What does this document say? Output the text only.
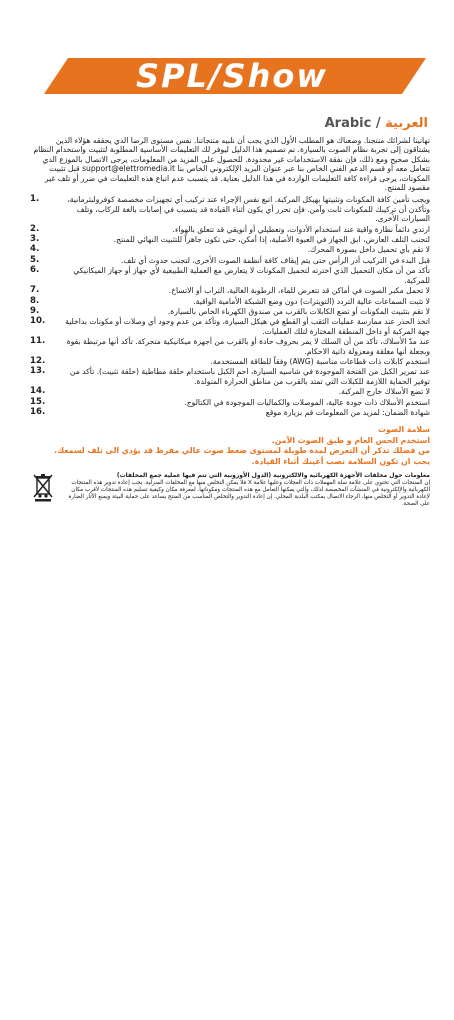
SPL/Show
Arabic / العربية

تهانينا لشرائك منتجنا. وضعناك هو المطلب الأول الذي يجب أن نلبيه منتجاتنا. نفس مستوى الرضا الذي يحققه هؤلاء الذين يشتاقون إلى تجربة نظام الصوت بالسيارة. تم تصميم هذا الدليل ليوفر لك التعليمات الأساسية المطلوبة لتثبيت واستخدام النظام بشكل صحيح ومع ذلك، فإن نفقة الاستخدامات غير محدودة. للحصول على المزيد من المعلومات، يرجى الاتصال بالموزع الذي تتعامل معه أو قسم الدعم الفني الخاص بنا عبر عنوان البريد الإلكتروني الخاص بنا support@elettromedia.it قبل تثبيت المكونات، يرجى قراءة كافة التعليمات الواردة في هذا الدليل بعناية. قد يتسبب عدم اتباع هذه التعليمات في ضرر أو تلف غير مقصود للمنتج.

1.	ويجب تأمين كافة المكونات وتثبيتها بهيكل المركبة. اتبع نفس الإجراء عند تركيب أي تجهيزات مخصصة كوفرولبثرمانية، وتأكدن أن تركيبك للمكونات ثابت وآمن. فإن تحرر أي يكون أثناء القيادة قد يتسبب في إصابات بالغة للركاب، وتلف السيارات الأخرى.
2.	ارتدي دائماً نظارة واقية عند استخدام الأدوات، وتعطيلي أو أنويقي قد تتعلق بالهواء.
3.	لتجنب التلف العارض، ابق الجهاز في العبوة الأصلية، إذا أمكن، حتى تكون جاهزاً للتثبيت النهائي للمنتج.
4.	لا تقم بأي تحميل داخل بصورة المحرك.
5.	قبل البدء في التركيب أدر الرأس حتى يتم إيقاف كافة أنظمة الصوت الأخرى، لتجنب حدوث أي تلف.
6.	تأكد من أن مكان التحميل الذي اخترته لتحميل المكونات لا يتعارض مع العملية الطبيعية لأي جهاز أو جهاز الميكانيكي للمركبة.
7.	لا تحمل مكبر الصوت في أماكن قد تتعرض للماء، الرطوبة العالية، التراب أو الاتساخ.
8.	لا تثبت السماعات عالية التردد (التويترات) دون وضع الشبكة الأمامية الواقية.
9.	لا تقم بتثبيت المكونات أو تضع الكابلات بالقرب من صندوق الكهرباء الخاص بالسيارة.
10.	اتخذ الحذر عند ممارسة عمليات الثقب أو القطع في هيكل السيارة، وتأكد من عدم وجود أي وصلات أو مكونات بداخلية جهة المركبة أو داخل المنطقة المختارة لتلك العمليات.
11.	عند مدّ الأسلاك، تأكد من أن السلك لا يمر بحروف حادة أو بالقرب من أجهزة ميكانيكية متحركة. تأكد أنها مرتبطة بقوة وبجعلة أنها مغلقة ومعزولة ذاتية الاحكام.
12.	استخدم كابلات ذات قطاعات مناسبة (AWG) وفقاً للطاقة المستخدمة.
13.	عند تمرير الكبل من الفتحة الموجودة في شاسيه السيارة، احمِ الكبل باستخدام حلقة مطاطية (حلقة تثبيت). تأكد من توفير الحماية اللازمة للكبلات التي تمتد بالقرب من مناطق الحرارة المتولدة.
14.	لا تضع الأسلاك خارج المركبة.
15.	استخدم الأسلاك ذات جودة عالية، الموصلات والكماليات الموجودة في الكتالوج.
16.	شهادة الضمان: لمزيد من المعلومات قم بزيارة موقع
سلامة الصوت

استخدم الحس العام و طبق الصوت الآمن.

من فضلك تذكر أن التعرض لمدة طويلة لمستوى ضغط صوت عالي مفرط قد يؤدي الى تلف لسمعك.

يجب ان تكون السلامة نصب أعينك أثناء القيادة.

معلومات حول مخلفات الأجهزة الكهربائية والالكترونية (الدول الأوروبية التي تتم فيها عملية جمع المخلفات)
إن المنتجات التي تحتوي على علامة سلة المهملات ذات العجلات وعليها علامة X فلا يمكن التخلص منها مع المخلفات المنزلية. يجب إعادة تدوير هذه المنتجات الكهربائية والإلكترونية في المنشآت المخصصة لذلك، والتي يمكنها التعامل مع هذه المنتجات ومكوناتها. لمعرفة مكان وكيفية تسليم هذه المنتجات لأقرب مكان لإعادة التدوير أو التخلص منها، الرجاء الاتصال بمكتب البلدية المحلي. إن إعادة التدوير والتخلص المناسب من المنتج يساعد على حماية البيئة ويمنع الآثار الضارة على الصحة.
